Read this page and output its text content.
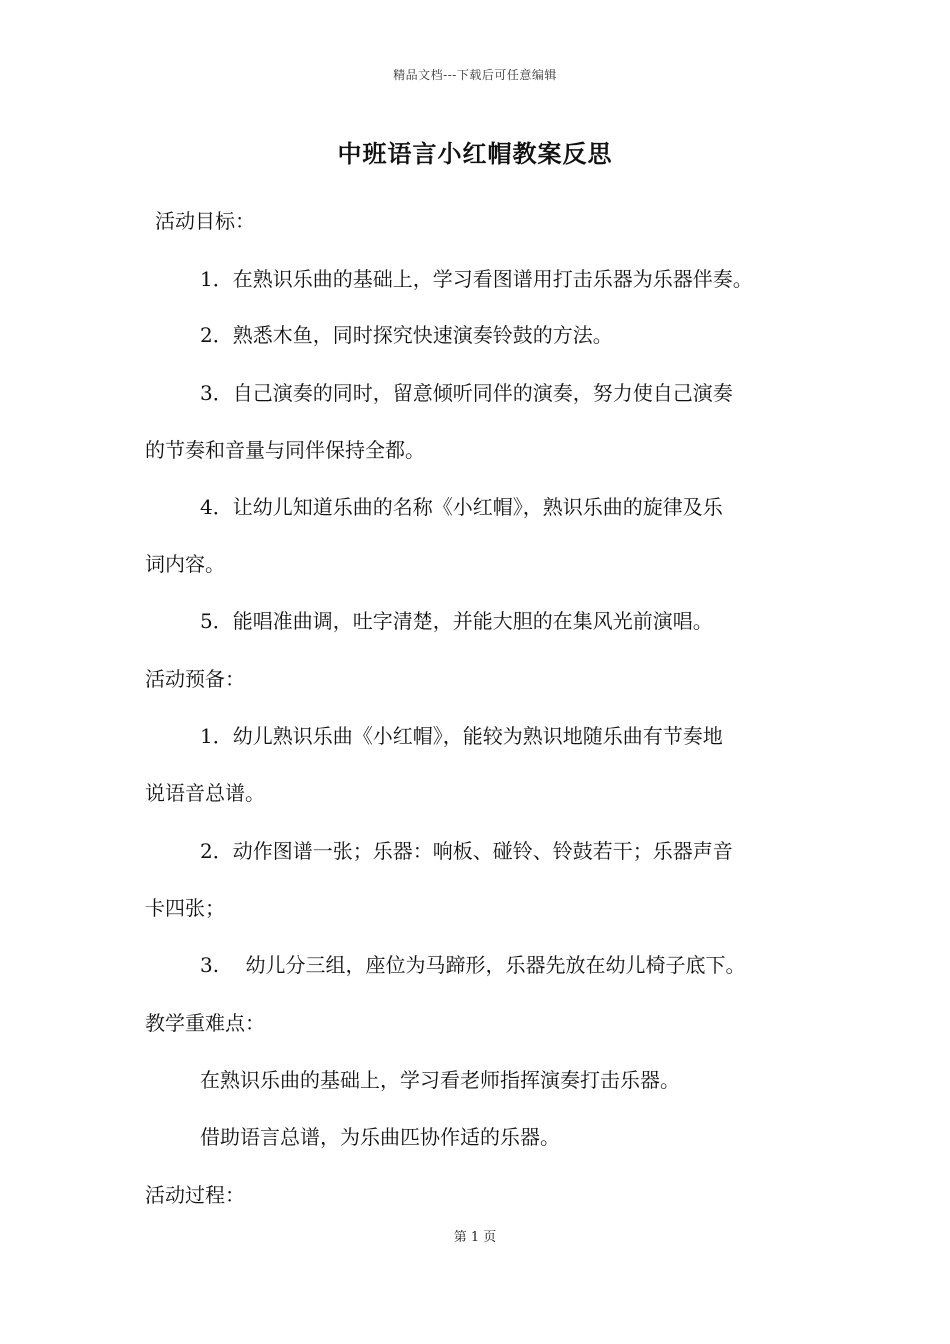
精品文档---下载后可任意编辑
中班语言小红帽教案反思
活动目标：
1．在熟识乐曲的基础上，学习看图谱用打击乐器为乐器伴奏。
2．熟悉木鱼，同时探究快速演奏铃鼓的方法。
3．自己演奏的同时，留意倾听同伴的演奏，努力使自己演奏
的节奏和音量与同伴保持全都。
4．让幼儿知道乐曲的名称《小红帽》，熟识乐曲的旋律及乐
词内容。
5．能唱准曲调，吐字清楚，并能大胆的在集风光前演唱。
活动预备：
1．幼儿熟识乐曲《小红帽》，能较为熟识地随乐曲有节奏地
说语音总谱。
2．动作图谱一张；乐器：响板、碰铃、铃鼓若干；乐器声音
卡四张；
3.　 幼儿分三组，座位为马蹄形，乐器先放在幼儿椅子底下。
教学重难点：
在熟识乐曲的基础上，学习看老师指挥演奏打击乐器。
借助语言总谱，为乐曲匹协作适的乐器。
活动过程：
第 1 页
